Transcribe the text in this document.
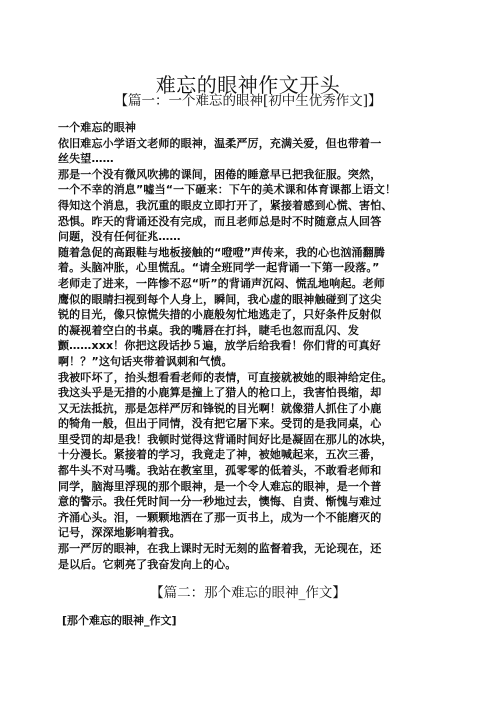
难忘的眼神作文开头
【篇一：一个难忘的眼神[初中生优秀作文]】

一个难忘的眼神

依旧难忘小学语文老师的眼神，温柔严厉，充满关爱，但也带着一

丝失望……

那是一个没有微风吹拂的课间，困倦的睡意早已把我征服。突然，

一个不幸的消息”嘘当“一下砸来：下午的美术课和体育课都上语文！

得知这个消息，我沉重的眼皮立即打开了，紧接着感到心慌、害怕、

恐惧。昨天的背诵还没有完成，而且老师总是时不时随意点人回答

问题，没有任何征兆……

随着急促的高跟鞋与地板接触的“噔噔”声传来，我的心也汹涌翻腾

着。头脑冲胀，心里慌乱。“请全班同学一起背诵一下第一段落。”

老师走了进来，一阵惨不忍“听”的背诵声沉闷、慌乱地响起。老师

鹰似的眼睛扫视到每个人身上，瞬间，我心虚的眼神触碰到了这尖

锐的目光，像只惊慌失措的小鹿般匆忙地逃走了，只好条件反射似

的凝视着空白的书桌。我的嘴唇在打抖，睫毛也忽而乱闪、发

颤……xxx！你把这段话抄５遍，放学后给我看！你们背的可真好

啊！？”这句话夹带着讽刺和气愤。

我被吓坏了，抬头想看看老师的表情，可直接就被她的眼神给定住。

我这头乎是无措的小鹿算是撞上了猎人的枪口上，我害怕畏缩，却

又无法抵抗，那是怎样严厉和锋锐的目光啊！就像猎人抓住了小鹿

的犄角一般，但出于同情，没有把它屠下来。受罚的是我同桌，心

里受罚的却是我！我顿时觉得这背诵时间好比是凝固在那儿的冰块，

十分漫长。紧接着的学习，我竟走了神，被她喊起来，五次三番，

都牛头不对马嘴。我站在教室里，孤零零的低着头，不敢看老师和

同学，脑海里浮现的那个眼神，是一个令人难忘的眼神，是一个普

意的警示。我任凭时间一分一秒地过去，懊悔、自责、惭愧与难过

齐涌心头。泪，一颗颗地洒在了那一页书上，成为一个不能磨灭的

记号，深深地影响着我。

那一严厉的眼神，在我上课时无时无刻的监督着我，无论现在，还

是以后。它刺亮了我奋发向上的心。

【篇二：那个难忘的眼神_作文】
[那个难忘的眼神_作文]
